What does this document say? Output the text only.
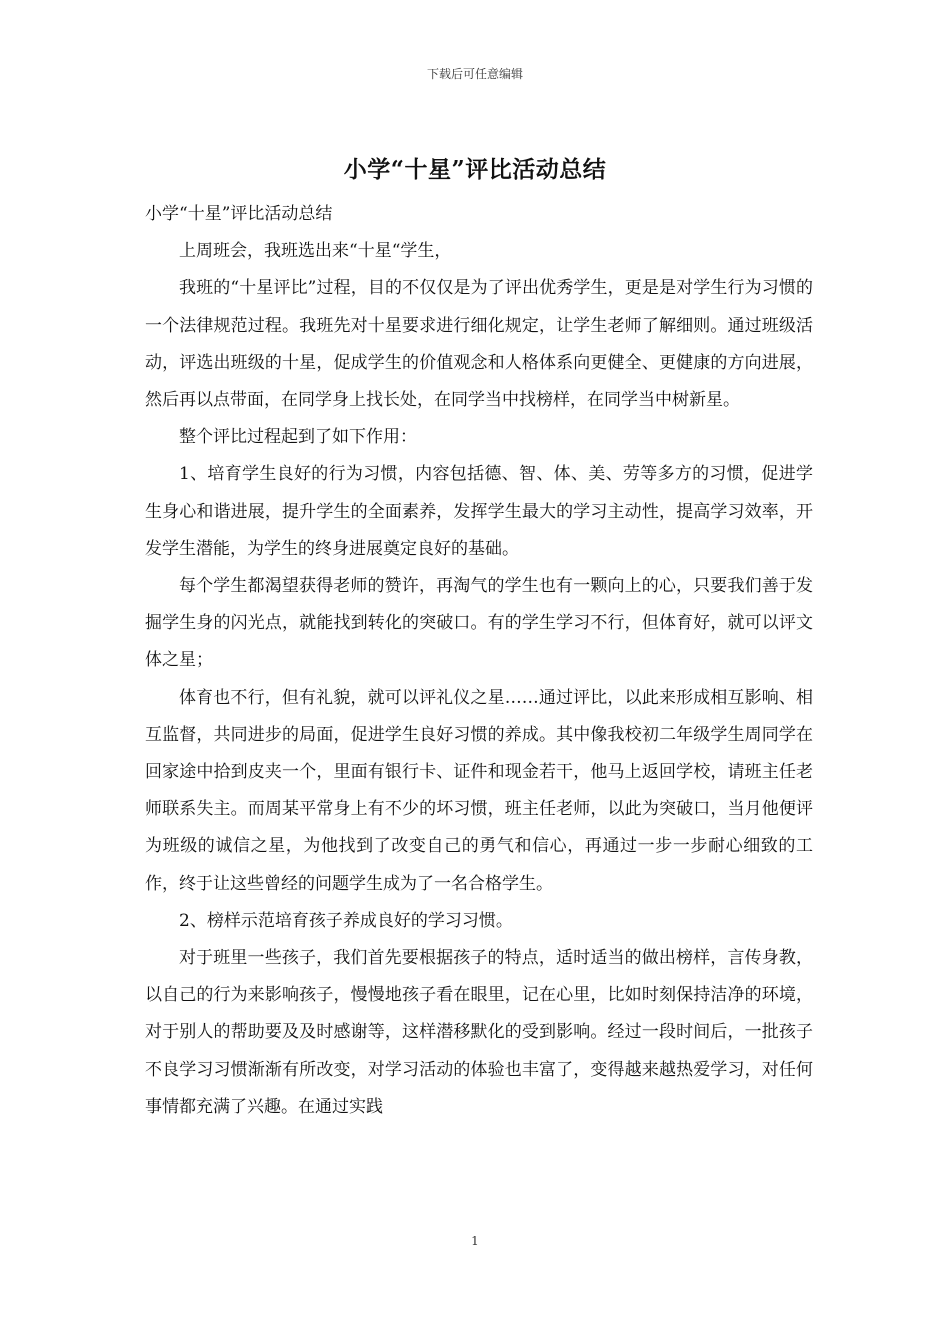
下载后可任意编辑
小学“十星”评比活动总结

小学“十星”评比活动总结

上周班会，我班选出来“十星“学生，

我班的“十星评比”过程，目的不仅仅是为了评出优秀学生，更是是对学生行为习惯的一个法律规范过程。我班先对十星要求进行细化规定，让学生老师了解细则。通过班级活动，评选出班级的十星，促成学生的价值观念和人格体系向更健全、更健康的方向进展，然后再以点带面，在同学身上找长处，在同学当中找榜样，在同学当中树新星。

整个评比过程起到了如下作用：

1、培育学生良好的行为习惯，内容包括德、智、体、美、劳等多方的习惯，促进学生身心和谐进展，提升学生的全面素养，发挥学生最大的学习主动性，提高学习效率，开发学生潜能，为学生的终身进展奠定良好的基础。

每个学生都渴望获得老师的赞许，再淘气的学生也有一颗向上的心，只要我们善于发掘学生身的闪光点，就能找到转化的突破口。有的学生学习不行，但体育好，就可以评文体之星；

体育也不行，但有礼貌，就可以评礼仪之星……通过评比，以此来形成相互影响、相互监督，共同进步的局面，促进学生良好习惯的养成。其中像我校初二年级学生周同学在回家途中拾到皮夹一个，里面有银行卡、证件和现金若干，他马上返回学校，请班主任老师联系失主。而周某平常身上有不少的坏习惯，班主任老师，以此为突破口，当月他便评为班级的诚信之星，为他找到了改变自己的勇气和信心，再通过一步一步耐心细致的工作，终于让这些曾经的问题学生成为了一名合格学生。

2、榜样示范培育孩子养成良好的学习习惯。

对于班里一些孩子，我们首先要根据孩子的特点，适时适当的做出榜样，言传身教，以自己的行为来影响孩子，慢慢地孩子看在眼里，记在心里，比如时刻保持洁净的环境，对于别人的帮助要及及时感谢等，这样潜移默化的受到影响。经过一段时间后，一批孩子不良学习习惯渐渐有所改变，对学习活动的体验也丰富了，变得越来越热爱学习，对任何事情都充满了兴趣。在通过实践

1
